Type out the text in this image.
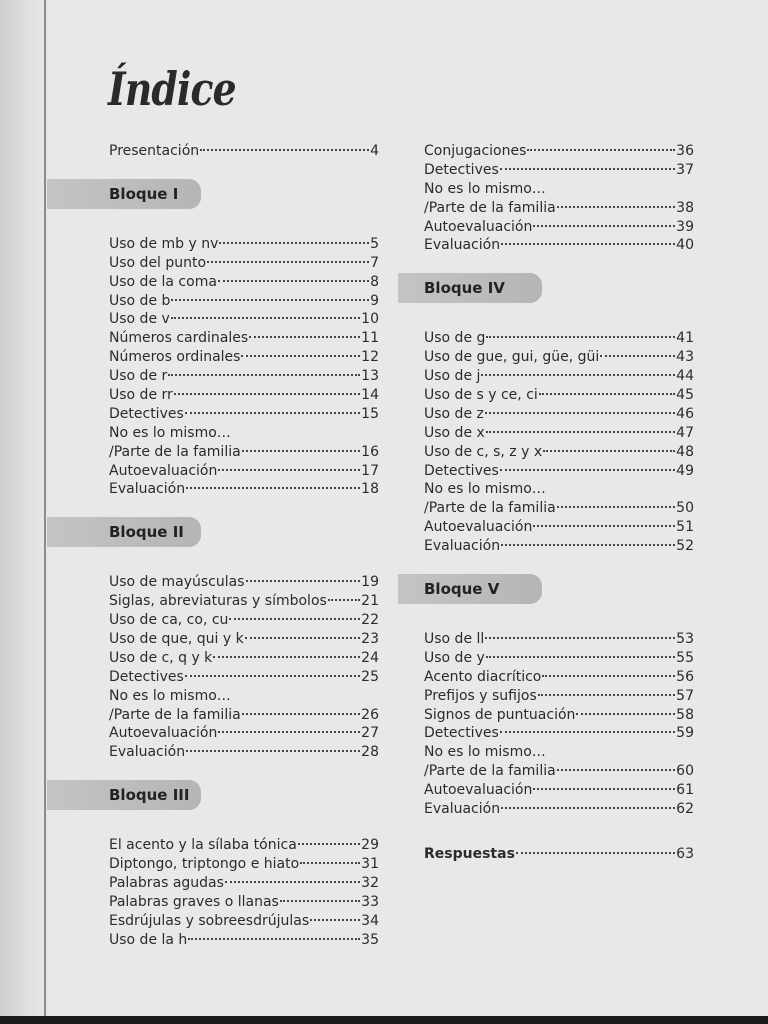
Índice
Presentación	4
Bloque I
Uso de mb y nv	5
Uso del punto	7
Uso de la coma	8
Uso de b	9
Uso de v	10
Números cardinales	11
Números ordinales	12
Uso de r	13
Uso de rr	14
Detectives	15
No es lo mismo…
/Parte de la familia	16
Autoevaluación	17
Evaluación	18
Bloque II
Uso de mayúsculas	19
Siglas, abreviaturas y símbolos 21
Uso de ca, co, cu	22
Uso de que, qui y k	23
Uso de c, q y k	24
Detectives	25
No es lo mismo…
/Parte de la familia	26
Autoevaluación	27
Evaluación	28
Bloque III
El acento y la sílaba tónica	29
Diptongo, triptongo e hiato	31
Palabras agudas	32
Palabras graves o llanas	33
Esdrújulas y sobreesdrújulas	34
Uso de la h	35
Conjugaciones	36
Detectives	37
No es lo mismo…
/Parte de la familia	38
Autoevaluación	39
Evaluación	40
Bloque IV
Uso de g	41
Uso de gue, gui, güe, güi	43
Uso de j	44
Uso de s y ce, ci	45
Uso de z	46
Uso de x	47
Uso de c, s, z y x	48
Detectives	49
No es lo mismo…
/Parte de la familia	50
Autoevaluación	51
Evaluación	52
Bloque V
Uso de ll	53
Uso de y	55
Acento diacrítico	56
Prefijos y sufijos	57
Signos de puntuación	58
Detectives	59
No es lo mismo…
/Parte de la familia	60
Autoevaluación	61
Evaluación	62
Respuestas	63
